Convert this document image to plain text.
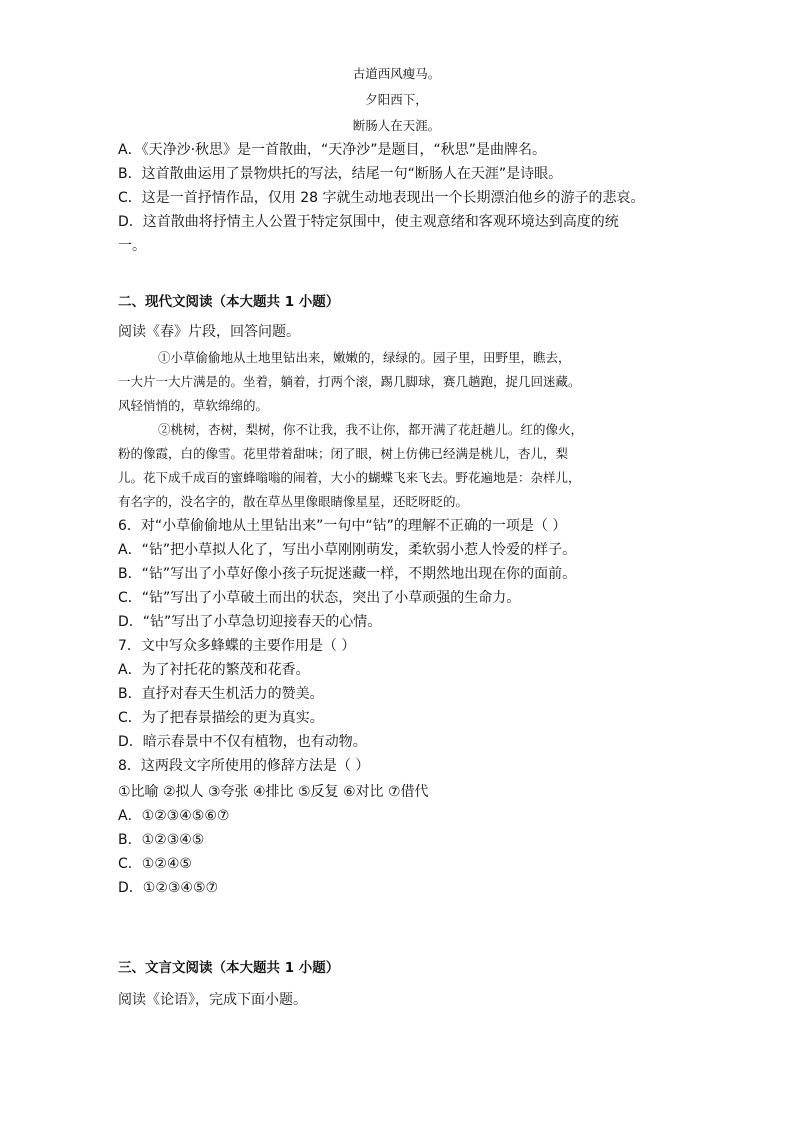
古道西风瘦马。
夕阳西下，
断肠人在天涯。
A．《天净沙·秋思》是一首散曲，“天净沙”是题目，“秋思”是曲牌名。
B．这首散曲运用了景物烘托的写法，结尾一句“断肠人在天涯”是诗眼。
C．这是一首抒情作品，仅用 28 字就生动地表现出一个长期漂泊他乡的游子的悲哀。
D．这首散曲将抒情主人公置于特定氛围中，使主观意绪和客观环境达到高度的统
一。
二、现代文阅读（本大题共 1 小题）
阅读《春》片段，回答问题。
①小草偷偷地从土地里钻出来，嫩嫩的，绿绿的。园子里，田野里，瞧去，
一大片一大片满是的。坐着，躺着，打两个滚，踢几脚球，赛几趟跑，捉几回迷藏。
风轻悄悄的，草软绵绵的。
②桃树，杏树，梨树，你不让我，我不让你，都开满了花赶趟儿。红的像火，
粉的像霞，白的像雪。花里带着甜味；闭了眼，树上仿佛已经满是桃儿，杏儿，梨
儿。花下成千成百的蜜蜂嗡嗡的闹着，大小的蝴蝶飞来飞去。野花遍地是：杂样儿，
有名字的，没名字的，散在草丛里像眼睛像星星，还眨呀眨的。
6．对“小草偷偷地从土里钻出来”一句中“钻”的理解不正确的一项是（ ）
A．“钻”把小草拟人化了，写出小草刚刚萌发，柔软弱小惹人怜爱的样子。
B．“钻”写出了小草好像小孩子玩捉迷藏一样，不期然地出现在你的面前。
C．“钻”写出了小草破土而出的状态，突出了小草顽强的生命力。
D．“钻”写出了小草急切迎接春天的心情。
7．文中写众多蜂蝶的主要作用是（ ）
A．为了衬托花的繁茂和花香。
B．直抒对春天生机活力的赞美。
C．为了把春景描绘的更为真实。
D．暗示春景中不仅有植物，也有动物。
8．这两段文字所使用的修辞方法是（ ）
①比喻 ②拟人 ③夸张 ④排比 ⑤反复 ⑥对比 ⑦借代
A．①②③④⑤⑥⑦
B．①②③④⑤
C．①②④⑤
D．①②③④⑤⑦
三、文言文阅读（本大题共 1 小题）
阅读《论语》，完成下面小题。
